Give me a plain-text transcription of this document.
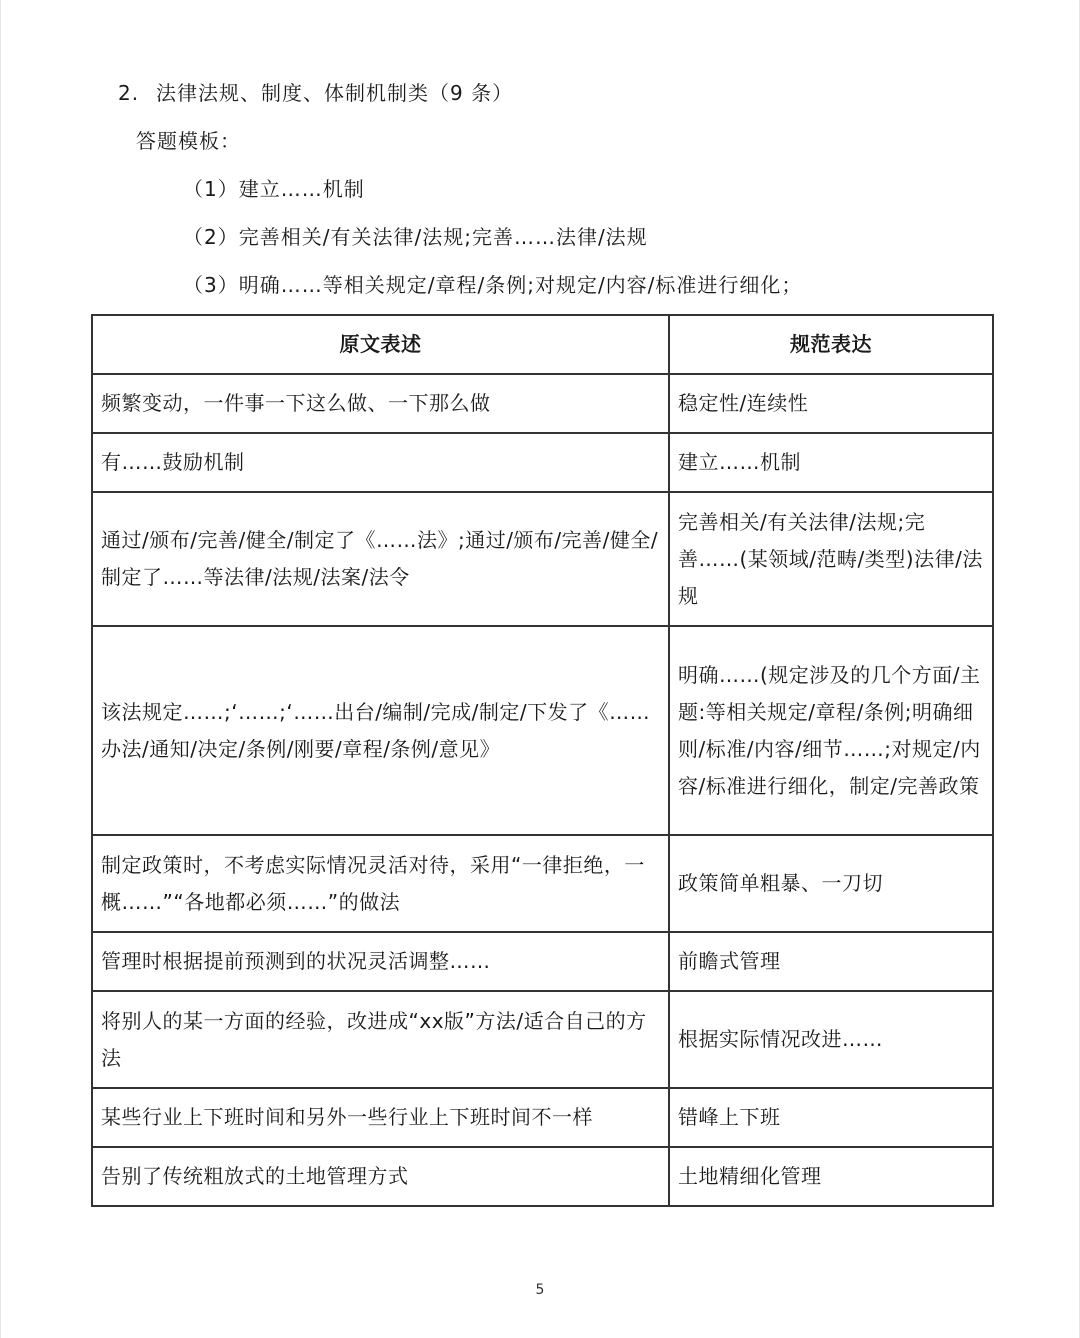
2. 法律法规、制度、体制机制类（9 条）
答题模板：
（1）建立……机制
（2）完善相关/有关法律/法规;完善……法律/法规
（3）明确……等相关规定/章程/条例;对规定/内容/标准进行细化；
原文表述	规范表达
频繁变动，一件事一下这么做、一下那么做	稳定性/连续性
有……鼓励机制	建立……机制
通过/颁布/完善/健全/制定了《……法》;通过/颁布/完善/健全/制定了……等法律/法规/法案/法令	完善相关/有关法律/法规;完善……(某领域/范畴/类型)法律/法规
该法规定……;‘……;‘……出台/编制/完成/制定/下发了《……办法/通知/决定/条例/刚要/章程/条例/意见》	明确……(规定涉及的几个方面/主题:等相关规定/章程/条例;明确细则/标准/内容/细节……;对规定/内容/标准进行细化，制定/完善政策
制定政策时，不考虑实际情况灵活对待，采用“一律拒绝，一概……”“各地都必须……”的做法	政策简单粗暴、一刀切
管理时根据提前预测到的状况灵活调整……	前瞻式管理
将别人的某一方面的经验，改进成“xx版”方法/适合自己的方法	根据实际情况改进……
某些行业上下班时间和另外一些行业上下班时间不一样	错峰上下班
告别了传统粗放式的土地管理方式	土地精细化管理
5
